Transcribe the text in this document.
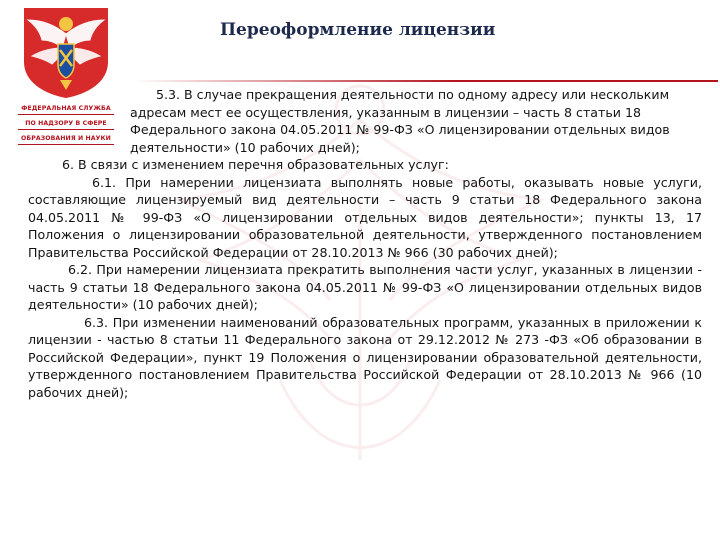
ФЕДЕРАЛЬНАЯ СЛУЖБА
ПО НАДЗОРУ В СФЕРЕ
ОБРАЗОВАНИЯ И НАУКИ
Переоформление лицензии

5.3. В случае прекращения деятельности по одному адресу или нескольким адресам мест ее осуществления, указанным в лицензии – часть 8 статьи 18 Федерального закона 04.05.2011 № 99-ФЗ «О лицензировании отдельных видов деятельности» (10 рабочих дней);

6. В связи с изменением перечня образовательных услуг:

6.1. При намерении лицензиата выполнять новые работы, оказывать новые услуги, составляющие лицензируемый вид деятельности – часть 9 статьи 18 Федерального закона 04.05.2011 № 99-ФЗ «О лицензировании отдельных видов деятельности»; пункты 13, 17 Положения о лицензировании образовательной деятельности, утвержденного постановлением Правительства Российской Федерации от 28.10.2013 № 966 (30 рабочих дней);

6.2. При намерении лицензиата прекратить выполнения части услуг, указанных в лицензии - часть 9 статьи 18 Федерального закона 04.05.2011 № 99-ФЗ «О лицензировании отдельных видов деятельности» (10 рабочих дней);

6.3. При изменении наименований образовательных программ, указанных в приложении к лицензии - частью 8 статьи 11 Федерального закона от 29.12.2012 № 273 -ФЗ «Об образовании в Российской Федерации», пункт 19 Положения о лицензировании образовательной деятельности, утвержденного постановлением Правительства Российской Федерации от 28.10.2013 № 966 (10 рабочих дней);
